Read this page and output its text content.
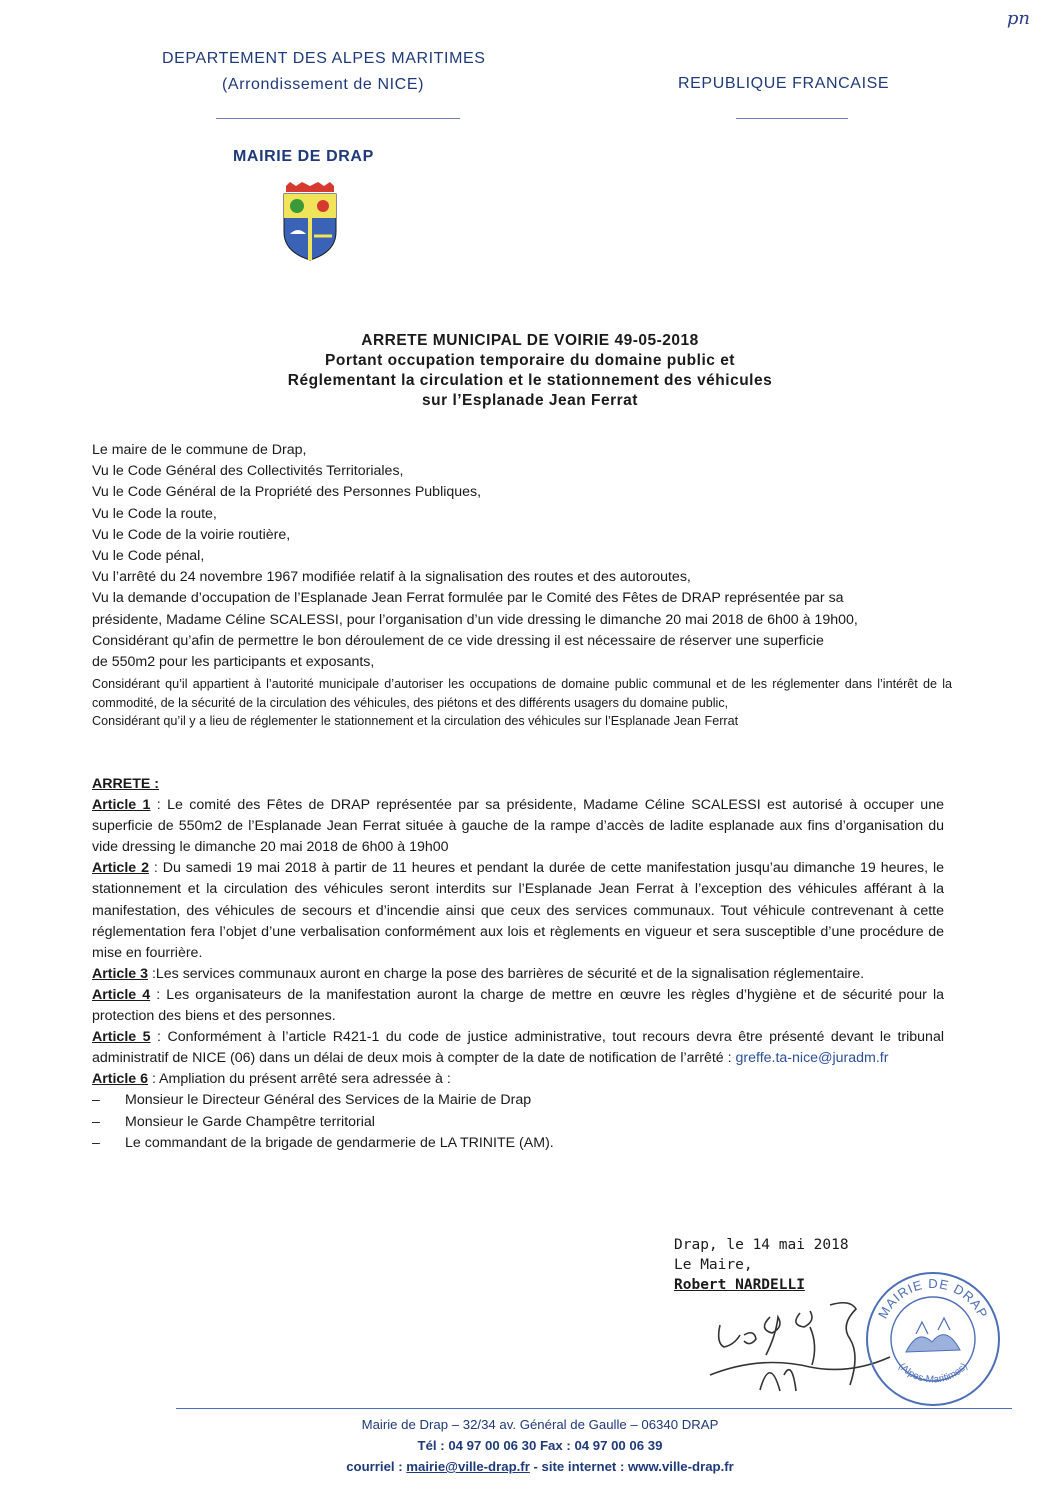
pn
DEPARTEMENT DES ALPES MARITIMES
(Arrondissement de NICE)	REPUBLIQUE FRANCAISE
MAIRIE DE DRAP
ARRETE MUNICIPAL DE VOIRIE 49-05-2018
Portant occupation temporaire du domaine public et
Réglementant la circulation et le stationnement des véhicules
sur l’Esplanade Jean Ferrat
Le maire de le commune de Drap,
Vu le Code Général des Collectivités Territoriales,
Vu le Code Général de la Propriété des Personnes Publiques,
Vu le Code la route,
Vu le Code de la voirie routière,
Vu le Code pénal,
Vu l’arrêté du 24 novembre 1967 modifiée relatif à la signalisation des routes et des autoroutes,
Vu la demande d’occupation de l’Esplanade Jean Ferrat formulée par le Comité des Fêtes de DRAP représentée par sa
présidente, Madame Céline SCALESSI, pour l’organisation d’un vide dressing le dimanche 20 mai 2018 de 6h00 à 19h00,
Considérant qu’afin de permettre le bon déroulement de ce vide dressing il est nécessaire de réserver une superficie
de 550m2 pour les participants et exposants,
Considérant qu’il appartient à l’autorité municipale d’autoriser les occupations de domaine public communal et de les réglementer dans l’intérêt de la commodité, de la sécurité de la circulation des véhicules, des piétons et des différents usagers du domaine public,
Considérant qu’il y a lieu de réglementer le stationnement et la circulation des véhicules sur l’Esplanade Jean Ferrat

ARRETE :

Article 1 : Le comité des Fêtes de DRAP représentée par sa présidente, Madame Céline SCALESSI est autorisé à occuper une superficie de 550m2 de l’Esplanade Jean Ferrat située à gauche de la rampe d’accès de ladite esplanade aux fins d’organisation du vide dressing le dimanche 20 mai 2018 de 6h00 à 19h00

Article 2 : Du samedi 19 mai 2018 à partir de 11 heures et pendant la durée de cette manifestation jusqu’au dimanche 19 heures, le stationnement et la circulation des véhicules seront interdits sur l’Esplanade Jean Ferrat à l’exception des véhicules afférant à la manifestation, des véhicules de secours et d’incendie ainsi que ceux des services communaux. Tout véhicule contrevenant à cette réglementation fera l’objet d’une verbalisation conformément aux lois et règlements en vigueur et sera susceptible d’une procédure de mise en fourrière.

Article 3 :Les services communaux auront en charge la pose des barrières de sécurité et de la signalisation réglementaire.

Article 4 : Les organisateurs de la manifestation auront la charge de mettre en œuvre les règles d’hygiène et de sécurité pour la protection des biens et des personnes.

Article 5 : Conformément à l’article R421-1 du code de justice administrative, tout recours devra être présenté devant le tribunal administratif de NICE (06) dans un délai de deux mois à compter de la date de notification de l’arrêté : greffe.ta-nice@juradm.fr

Article 6 : Ampliation du présent arrêté sera adressée à :

– Monsieur le Directeur Général des Services de la Mairie de Drap

– Monsieur le Garde Champêtre territorial

– Le commandant de la brigade de gendarmerie de LA TRINITE (AM).

Drap, le 14 mai 2018
Le Maire,
Robert NARDELLI
MAIRIE DE DRAP
(Alpes-Maritimes)
Mairie de Drap – 32/34 av. Général de Gaulle – 06340 DRAP
Tél : 04 97 00 06 30 Fax : 04 97 00 06 39
courriel : mairie@ville-drap.fr - site internet : www.ville-drap.fr
